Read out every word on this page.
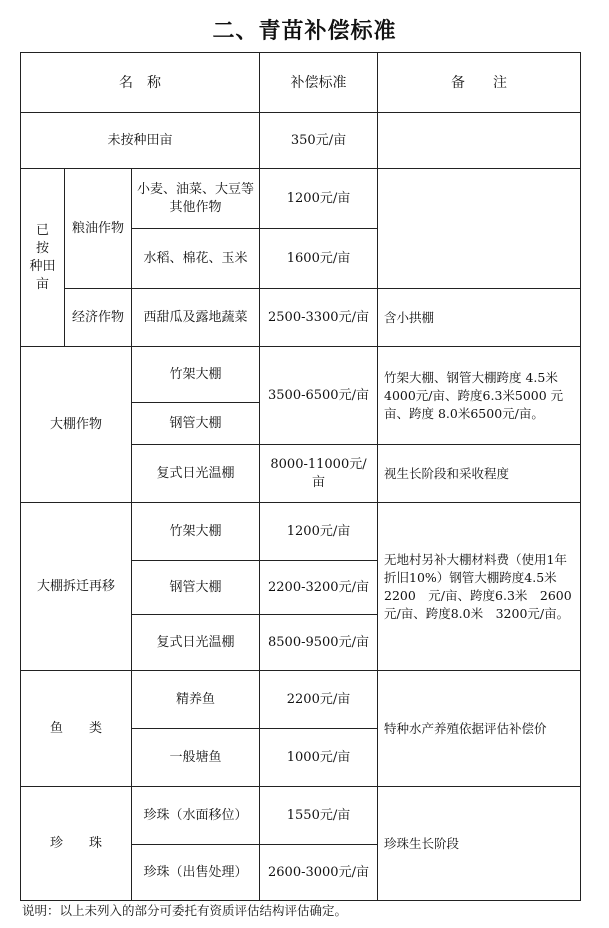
二、青苗补偿标准
名　称			补偿标准	备　　注
未按种田亩			350元/亩	

已　按
种田亩	粮油作物	小麦、油菜、大豆等其他作物	1200元/亩	
		水稻、棉花、玉米	1600元/亩	
	经济作物	西甜瓜及露地蔬菜	2500-3300元/亩	含小拱棚
大棚作物		竹架大棚	3500-6500元/亩	竹架大棚、钢管大棚跨度 4.5米4000元/亩、跨度6.3米5000 元亩、跨度 8.0米6500元/亩。
		钢管大棚		
		复式日光温棚	8000-11000元/亩	视生长阶段和采收程度
大棚拆迁再移		竹架大棚	1200元/亩	无地村另补大棚材料费（使用1年折旧10%）钢管大棚跨度4.5米　2200　元/亩、跨度6.3米　2600元/亩、跨度8.0米　3200元/亩。
		钢管大棚	2200-3200元/亩	
		复式日光温棚	8500-9500元/亩	
鱼　　类		精养鱼	2200元/亩	特种水产养殖依据评估补偿价
		一般塘鱼	1000元/亩	
珍　　珠		珍珠（水面移位）	1550元/亩	珍珠生长阶段
		珍珠（出售处理）	2600-3000元/亩	
说明：以上未列入的部分可委托有资质评估结构评估确定。
